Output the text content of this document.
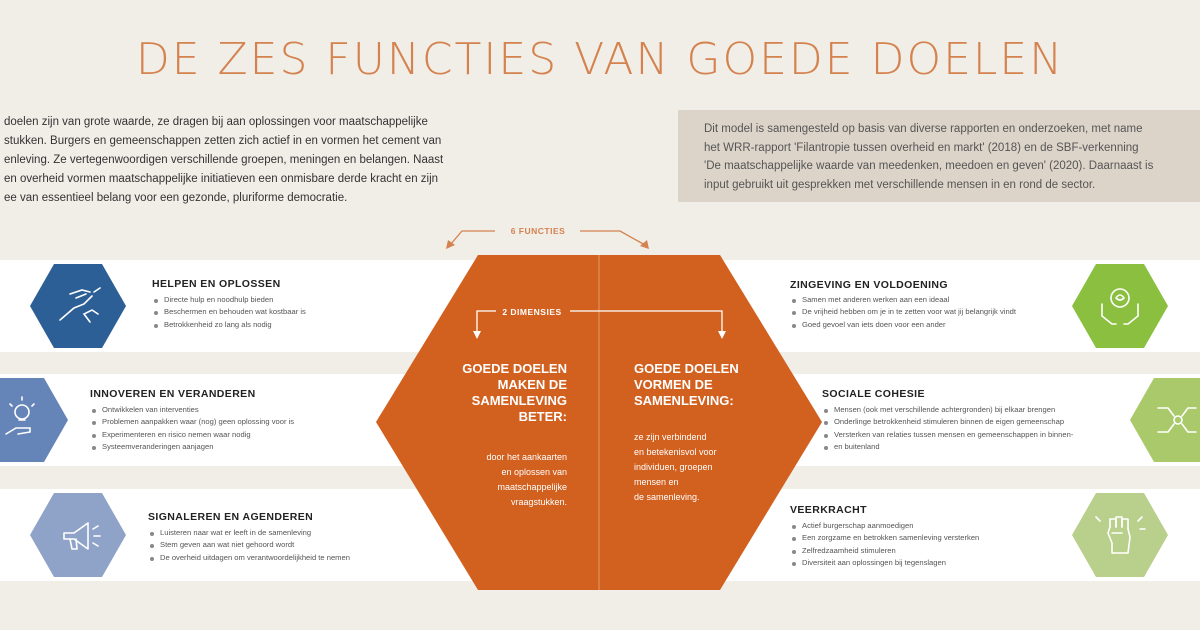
DE ZES FUNCTIES VAN GOEDE DOELEN
doelen zijn van grote waarde, ze dragen bij aan oplossingen voor maatschappelijke
stukken. Burgers en gemeenschappen zetten zich actief in en vormen het cement van
enleving. Ze vertegenwoordigen verschillende groepen, meningen en belangen. Naast
en overheid vormen maatschappelijke initiatieven een onmisbare derde kracht en zijn
ee van essentieel belang voor een gezonde, pluriforme democratie.
Dit model is samengesteld op basis van diverse rapporten en onderzoeken, met name
het WRR-rapport 'Filantropie tussen overheid en markt' (2018) en de SBF-verkenning
'De maatschappelijke waarde van meedenken, meedoen en geven' (2020). Daarnaast is
input gebruikt uit gesprekken met verschillende mensen in en rond de sector.
6 FUNCTIES
2 DIMENSIES
GOEDE DOELEN
MAKEN DE
SAMENLEVING
BETER:
door het aankaarten
en oplossen van
maatschappelijke
vraagstukken.
GOEDE DOELEN
VORMEN DE
SAMENLEVING:
ze zijn verbindend
en betekenisvol voor
individuen, groepen
mensen en
de samenleving.
HELPEN EN OPLOSSEN
Directe hulp en noodhulp bieden
Beschermen en behouden wat kostbaar is
Betrokkenheid zo lang als nodig
INNOVEREN EN VERANDEREN
Ontwikkelen van interventies
Problemen aanpakken waar (nog) geen oplossing voor is
Experimenteren en risico nemen waar nodig
Systeemveranderingen aanjagen
SIGNALEREN EN AGENDEREN
Luisteren naar wat er leeft in de samenleving
Stem geven aan wat niet gehoord wordt
De overheid uitdagen om verantwoordelijkheid te nemen
ZINGEVING EN VOLDOENING
Samen met anderen werken aan een ideaal
De vrijheid hebben om je in te zetten voor wat jij belangrijk vindt
Goed gevoel van iets doen voor een ander
SOCIALE COHESIE
Mensen (ook met verschillende achtergronden) bij elkaar brengen
Onderlinge betrokkenheid stimuleren binnen de eigen gemeenschap
Versterken van relaties tussen mensen en gemeenschappen in binnen-
en buitenland
VEERKRACHT
Actief burgerschap aanmoedigen
Een zorgzame en betrokken samenleving versterken
Zelfredzaamheid stimuleren
Diversiteit aan oplossingen bij tegenslagen
